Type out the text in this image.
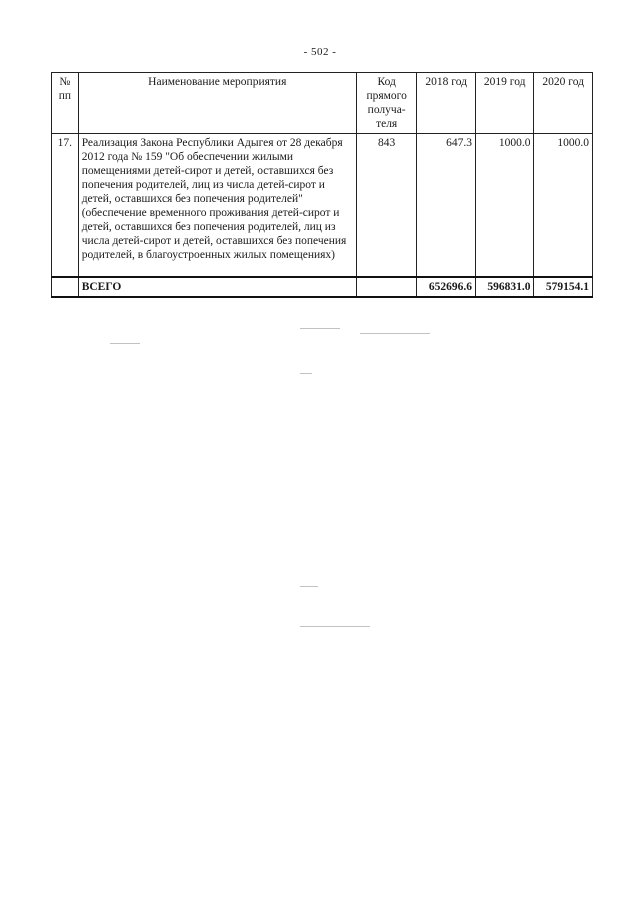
- 502 -
№ пп	Наименование мероприятия	Код прямого получа-теля	2018 год	2019 год	2020 год
17.	Реализация Закона Республики Адыгея от 28 декабря 2012 года № 159 "Об обеспечении жилыми помещениями детей-сирот и детей, оставшихся без попечения родителей, лиц из числа детей-сирот и детей, оставшихся без попечения родителей" (обеспечение временного проживания детей-сирот и детей, оставшихся без попечения родителей, лиц из числа детей-сирот и детей, оставшихся без попечения родителей, в благоустроенных жилых помещениях)	843	647.3	1000.0	1000.0
	ВСЕГО		652696.6	596831.0	579154.1
